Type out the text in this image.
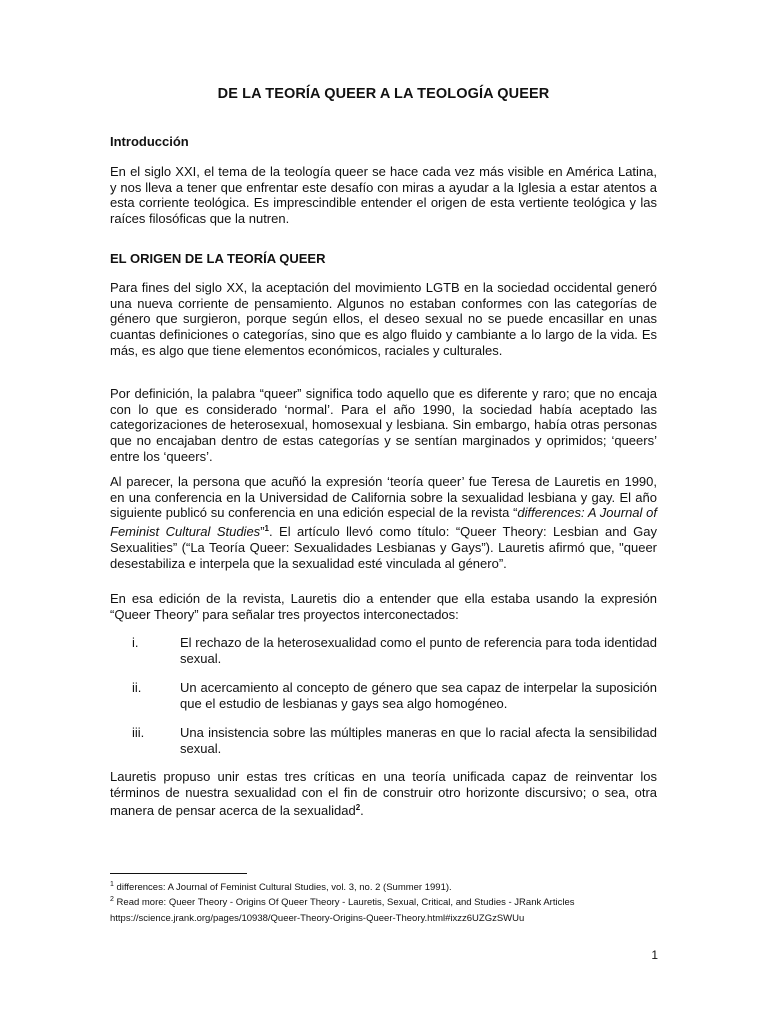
DE LA TEORÍA QUEER A LA TEOLOGÍA QUEER
Introducción
En el siglo XXI, el tema de la teología queer se hace cada vez más visible en América Latina, y nos lleva a tener que enfrentar este desafío con miras a ayudar a la Iglesia a estar atentos a esta corriente teológica. Es imprescindible entender el origen de esta vertiente teológica y las raíces filosóficas que la nutren.
EL ORIGEN DE LA TEORÍA QUEER
Para fines del siglo XX, la aceptación del movimiento LGTB en la sociedad occidental generó una nueva corriente de pensamiento. Algunos no estaban conformes con las categorías de género que surgieron, porque según ellos, el deseo sexual no se puede encasillar en unas cuantas definiciones o categorías, sino que es algo fluido y cambiante a lo largo de la vida. Es más, es algo que tiene elementos económicos, raciales y culturales.
Por definición, la palabra “queer” significa todo aquello que es diferente y raro; que no encaja con lo que es considerado ‘normal’. Para el año 1990, la sociedad había aceptado las categorizaciones de heterosexual, homosexual y lesbiana. Sin embargo, había otras personas que no encajaban dentro de estas categorías y se sentían marginados y oprimidos; ‘queers’ entre los ‘queers’.
Al parecer, la persona que acuñó la expresión ‘teoría queer’ fue Teresa de Lauretis en 1990, en una conferencia en la Universidad de California sobre la sexualidad lesbiana y gay. El año siguiente publicó su conferencia en una edición especial de la revista “differences: A Journal of Feminist Cultural Studies”$^1$. El artículo llevó como título: “Queer Theory: Lesbian and Gay Sexualities” (“La Teoría Queer: Sexualidades Lesbianas y Gays”). Lauretis afirmó que, "queer desestabiliza e interpela que la sexualidad esté vinculada al género”.
En esa edición de la revista, Lauretis dio a entender que ella estaba usando la expresión “Queer Theory” para señalar tres proyectos interconectados:
i.	El rechazo de la heterosexualidad como el punto de referencia para toda identidad sexual.
ii.	Un acercamiento al concepto de género que sea capaz de interpelar la suposición que el estudio de lesbianas y gays sea algo homogéneo.
iii.	Una insistencia sobre las múltiples maneras en que lo racial afecta la sensibilidad sexual.
Lauretis propuso unir estas tres críticas en una teoría unificada capaz de reinventar los términos de nuestra sexualidad con el fin de construir otro horizonte discursivo; o sea, otra manera de pensar acerca de la sexualidad$^2$.
$^1$ differences: A Journal of Feminist Cultural Studies, vol. 3, no. 2 (Summer 1991).
$^2$ Read more: Queer Theory - Origins Of Queer Theory - Lauretis, Sexual, Critical, and Studies - JRank Articles https://science.jrank.org/pages/10938/Queer-Theory-Origins-Queer-Theory.html#ixzz6UZGzSWUu
1
